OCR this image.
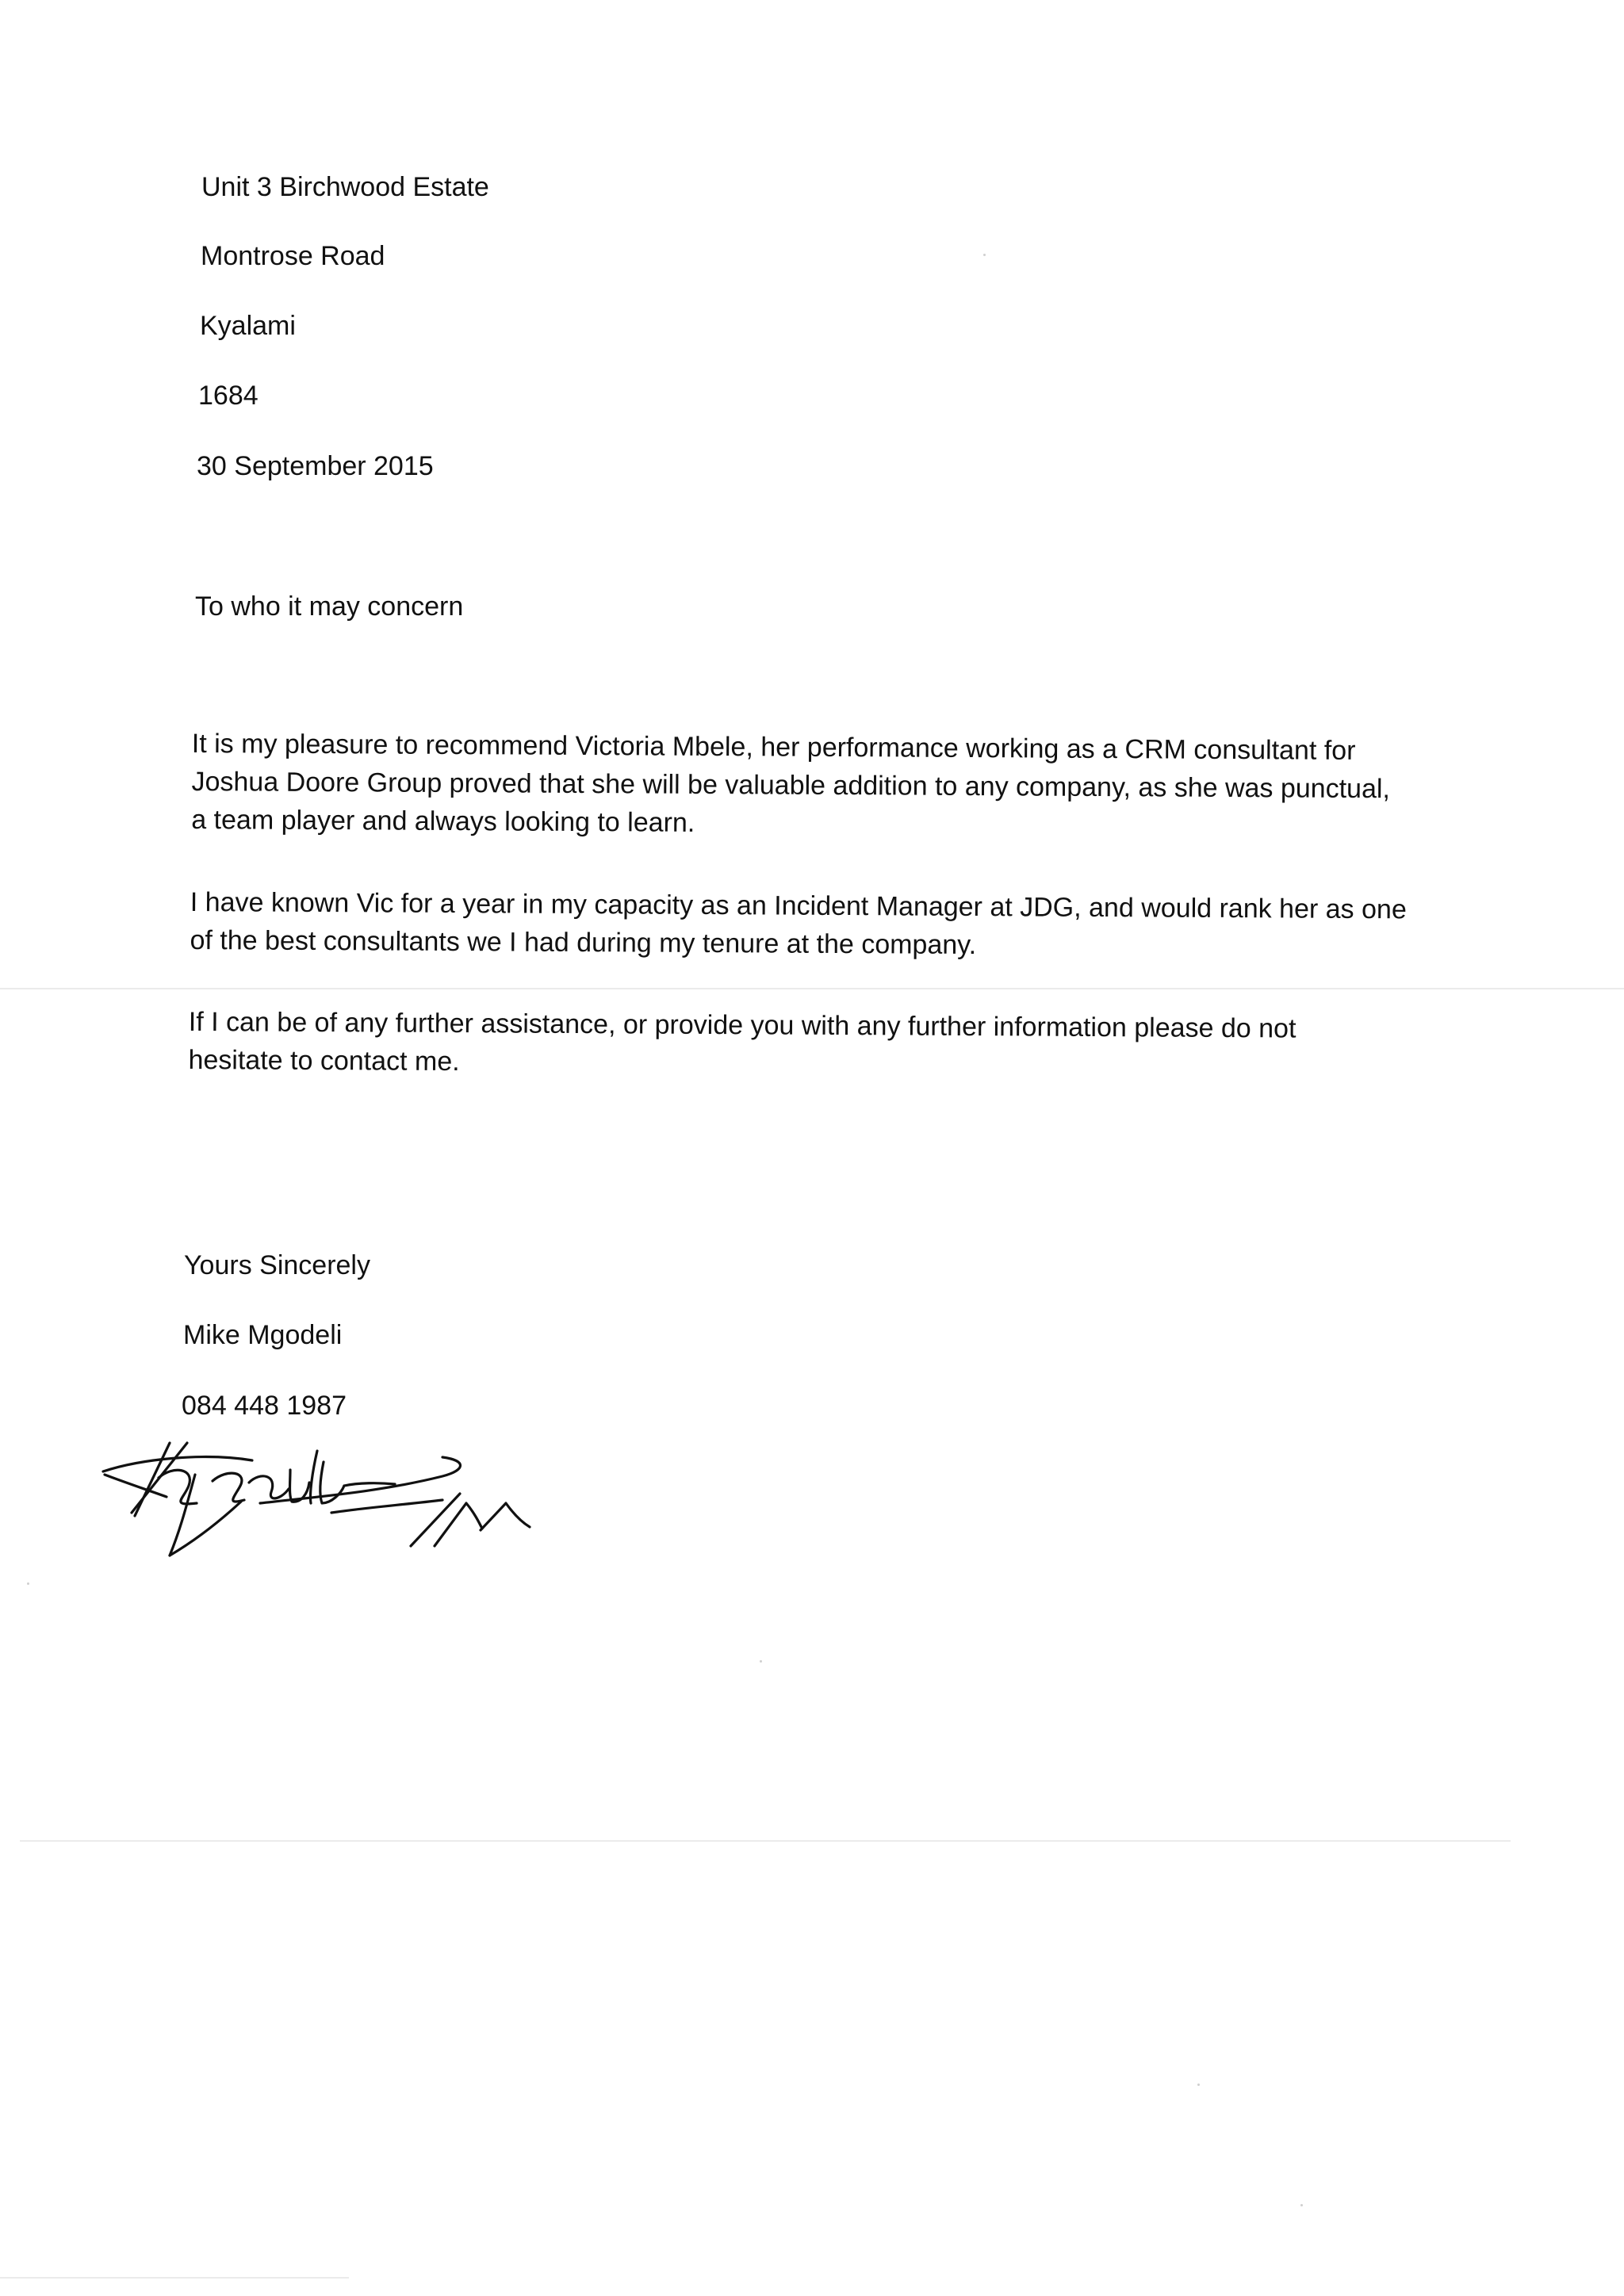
Unit 3 Birchwood Estate
Montrose Road
Kyalami
1684
30 September 2015
To who it may concern
It is my pleasure to recommend Victoria Mbele, her performance working as a CRM consultant for
Joshua Doore Group proved that she will be valuable addition to any company, as she was punctual,
a team player and always looking to learn.
I have known Vic for a year in my capacity as an Incident Manager at JDG, and would rank her as one
of the best consultants we I had during my tenure at the company.
If I can be of any further assistance, or provide you with any further information please do not
hesitate to contact me.
Yours Sincerely
Mike Mgodeli
084 448 1987
